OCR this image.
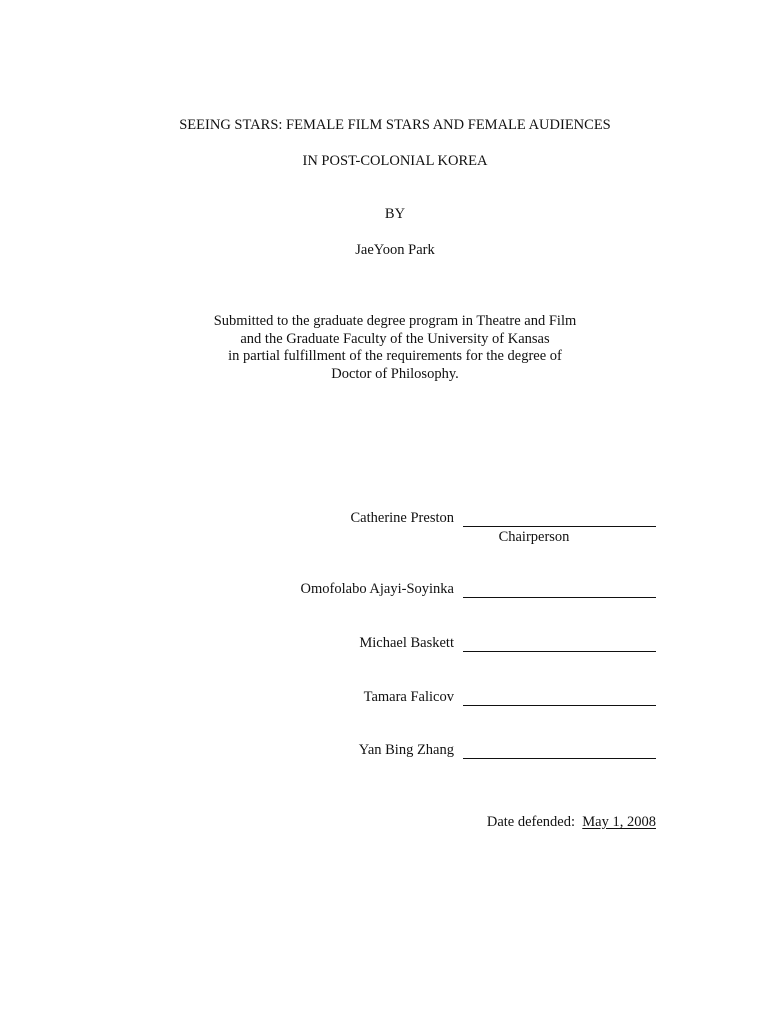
SEEING STARS: FEMALE FILM STARS AND FEMALE AUDIENCES
IN POST-COLONIAL KOREA
BY
JaeYoon Park
Submitted to the graduate degree program in Theatre and Film
and the Graduate Faculty of the University of Kansas
in partial fulfillment of the requirements for the degree of
Doctor of Philosophy.
Catherine Preston
Chairperson
Omofolabo Ajayi-Soyinka
Michael Baskett
Tamara Falicov
Yan Bing Zhang
Date defended: May 1, 2008
